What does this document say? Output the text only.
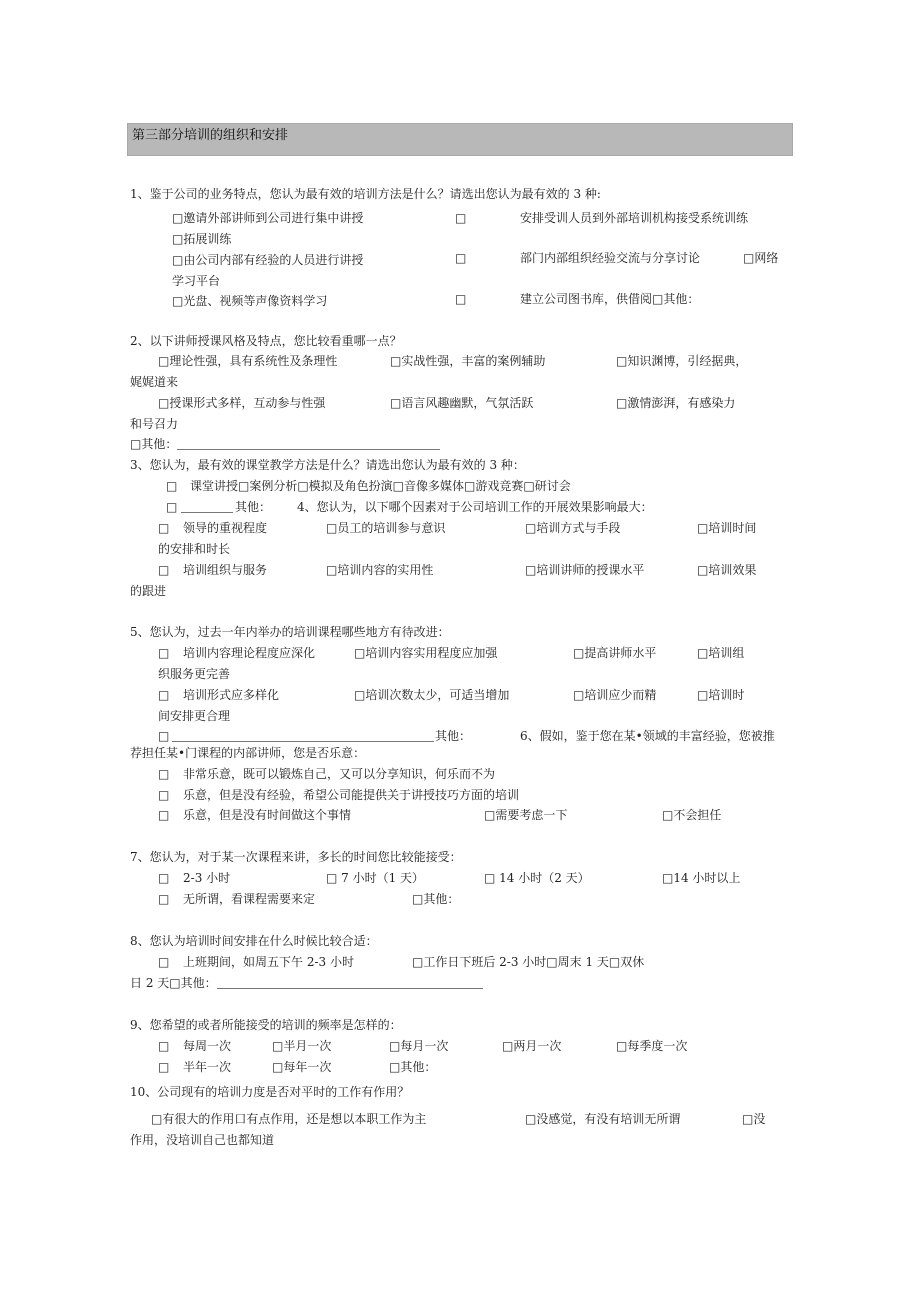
第三部分培训的组织和安排
1、鉴于公司的业务特点，您认为最有效的培训方法是什么？请选出您认为最有效的 3 种:
□邀请外部讲师到公司进行集中讲授	□	安排受训人员到外部培训机构接受系统训练
□拓展训练
□由公司内部有经验的人员进行讲授	□	部门内部组织经验交流与分享讨论	□网络
学习平台
□光盘、视频等声像资料学习	□	建立公司图书库，供借阅□其他：
2、以下讲师授课风格及特点，您比较看重哪一点？
□理论性强，具有系统性及条理性	□实战性强，丰富的案例辅助	□知识渊博，引经据典，
娓娓道来
□授课形式多样，互动参与性强	□语言风趣幽默，气氛活跃	□激情澎湃，有感染力
和号召力
□其他：
3、您认为，最有效的课堂教学方法是什么？请选出您认为最有效的 3 种：
□ 课堂讲授□案例分析□模拟及角色扮演□音像多媒体□游戏竞赛□研讨会
□	其他： 4、您认为，以下哪个因素对于公司培训工作的开展效果影响最大：
□ 领导的重视程度	□员工的培训参与意识	□培训方式与手段	□培训时间
的安排和时长
□ 培训组织与服务	□培训内容的实用性	□培训讲师的授课水平	□培训效果
的跟进
5、您认为，过去一年内举办的培训课程哪些地方有待改进：
□ 培训内容理论程度应深化	□培训内容实用程度应加强	□提高讲师水平	□培训组
织服务更完善
□ 培训形式应多样化	□培训次数太少，可适当增加	□培训应少而精	□培训时
间安排更合理
□	其他：	6、假如，鉴于您在某•领域的丰富经验，您被推
荐担任某•门课程的内部讲师，您是否乐意：
□ 非常乐意，既可以锻炼自己，又可以分享知识，何乐而不为
□ 乐意，但是没有经验，希望公司能提供关于讲授技巧方面的培训
□ 乐意，但是没有时间做这个事情	□需要考虑一下	□不会担任
7、您认为，对于某一次课程来讲，多长的时间您比较能接受：
□ 2-3 小时	□ 7 小时（1 天）	□ 14 小时（2 天）	□14 小时以上
□ 无所谓，看课程需要来定	□其他：
8、您认为培训时间安排在什么时候比较合适：
□ 上班期间，如周五下午 2-3 小时	□工作日下班后 2-3 小时□周末 1 天□双休
日 2 天□其他：
9、您希望的或者所能接受的培训的频率是怎样的：
□ 每周一次	□半月一次	□每月一次	□两月一次	□每季度一次
□ 半年一次	□每年一次	□其他：
10、公司现有的培训力度是否对平时的工作有作用？
□有很大的作用口有点作用，还是想以本职工作为主	□没感觉，有没有培训无所谓	□没
作用，没培训自己也都知道
